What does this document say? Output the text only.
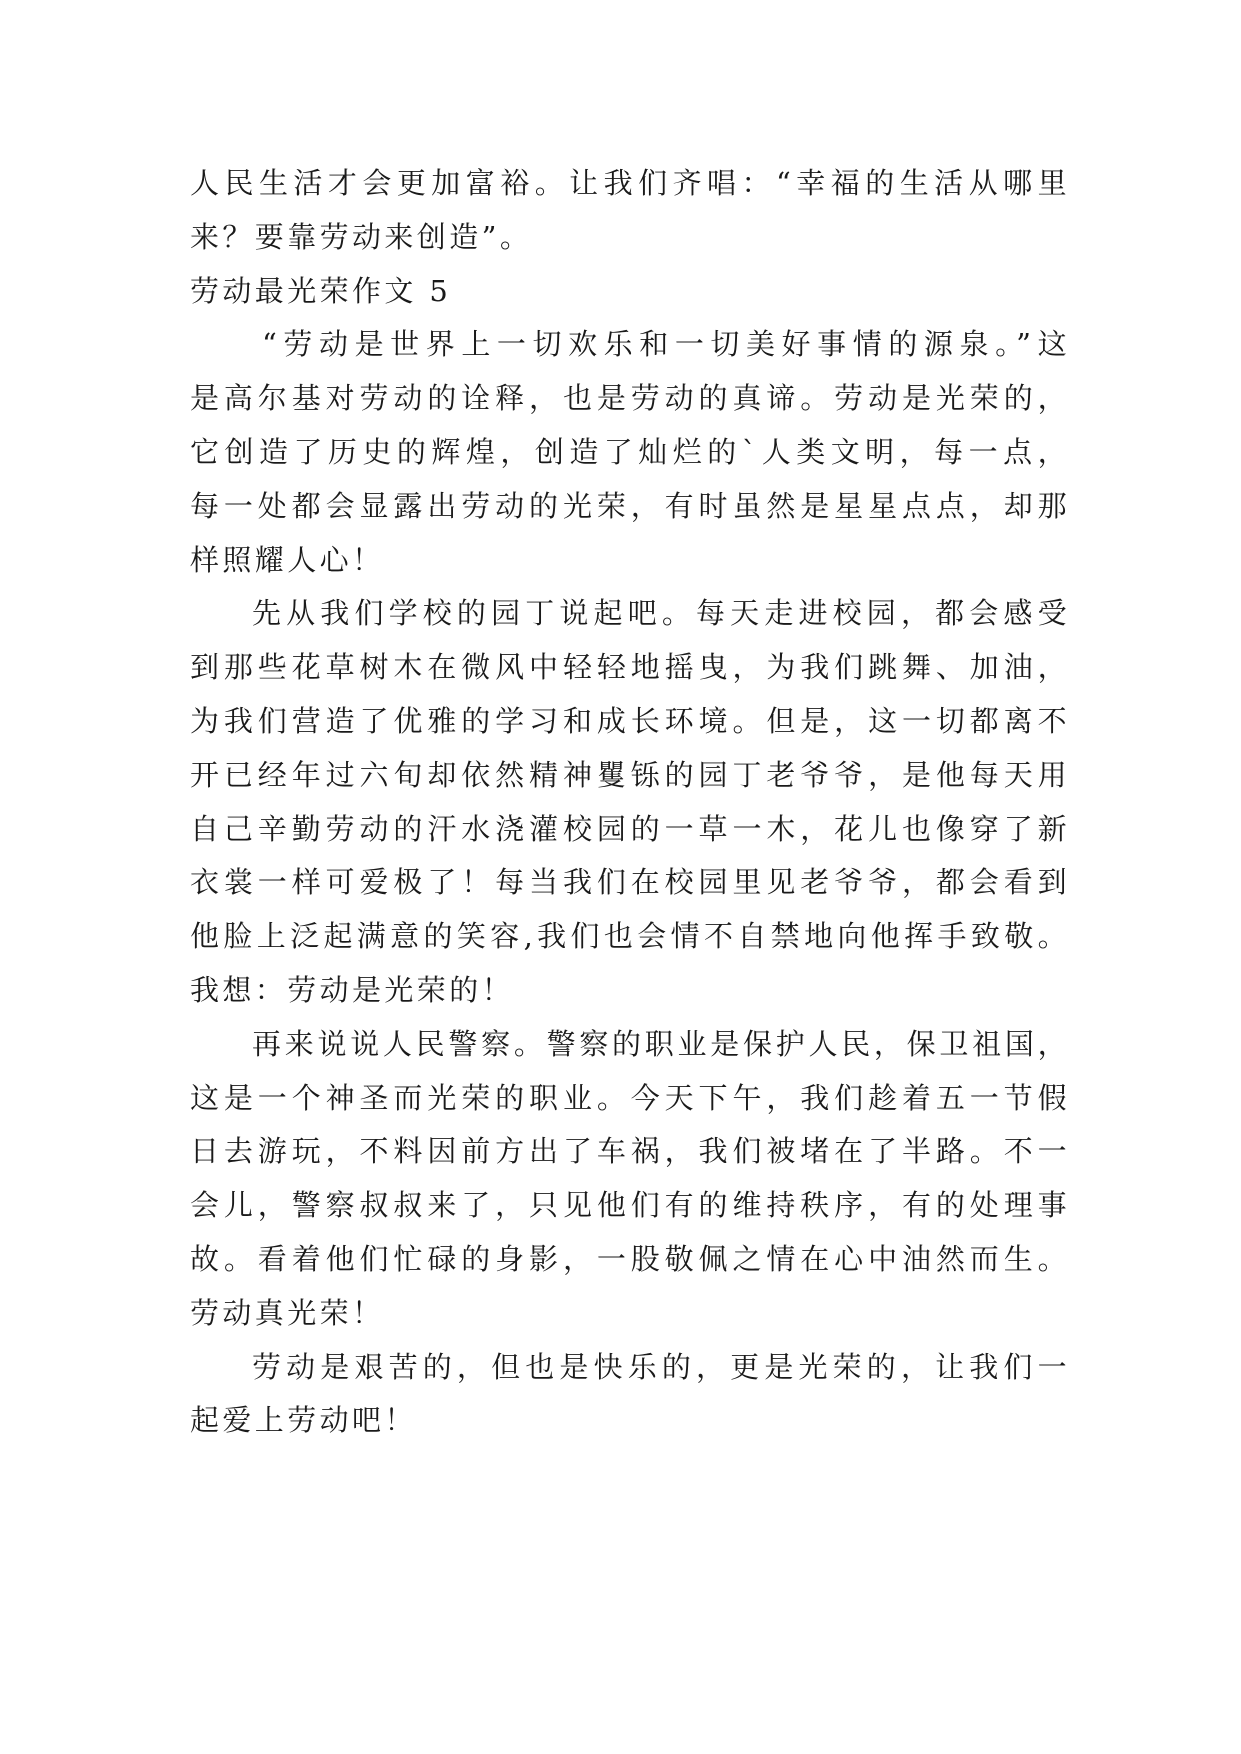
人民生活才会更加富裕。让我们齐唱：“幸福的生活从哪里
来？要靠劳动来创造”。
劳动最光荣作文 5
“劳动是世界上一切欢乐和一切美好事情的源泉。”这
是高尔基对劳动的诠释，也是劳动的真谛。劳动是光荣的，
它创造了历史的辉煌，创造了灿烂的`人类文明，每一点，
每一处都会显露出劳动的光荣，有时虽然是星星点点，却那
样照耀人心！
先从我们学校的园丁说起吧。每天走进校园，都会感受
到那些花草树木在微风中轻轻地摇曳，为我们跳舞、加油，
为我们营造了优雅的学习和成长环境。但是，这一切都离不
开已经年过六旬却依然精神矍铄的园丁老爷爷，是他每天用
自己辛勤劳动的汗水浇灌校园的一草一木，花儿也像穿了新
衣裳一样可爱极了！每当我们在校园里见老爷爷，都会看到
他脸上泛起满意的笑容,我们也会情不自禁地向他挥手致敬。
我想：劳动是光荣的！
再来说说人民警察。警察的职业是保护人民，保卫祖国，
这是一个神圣而光荣的职业。今天下午，我们趁着五一节假
日去游玩，不料因前方出了车祸，我们被堵在了半路。不一
会儿，警察叔叔来了，只见他们有的维持秩序，有的处理事
故。看着他们忙碌的身影，一股敬佩之情在心中油然而生。
劳动真光荣！
劳动是艰苦的，但也是快乐的，更是光荣的，让我们一
起爱上劳动吧！
